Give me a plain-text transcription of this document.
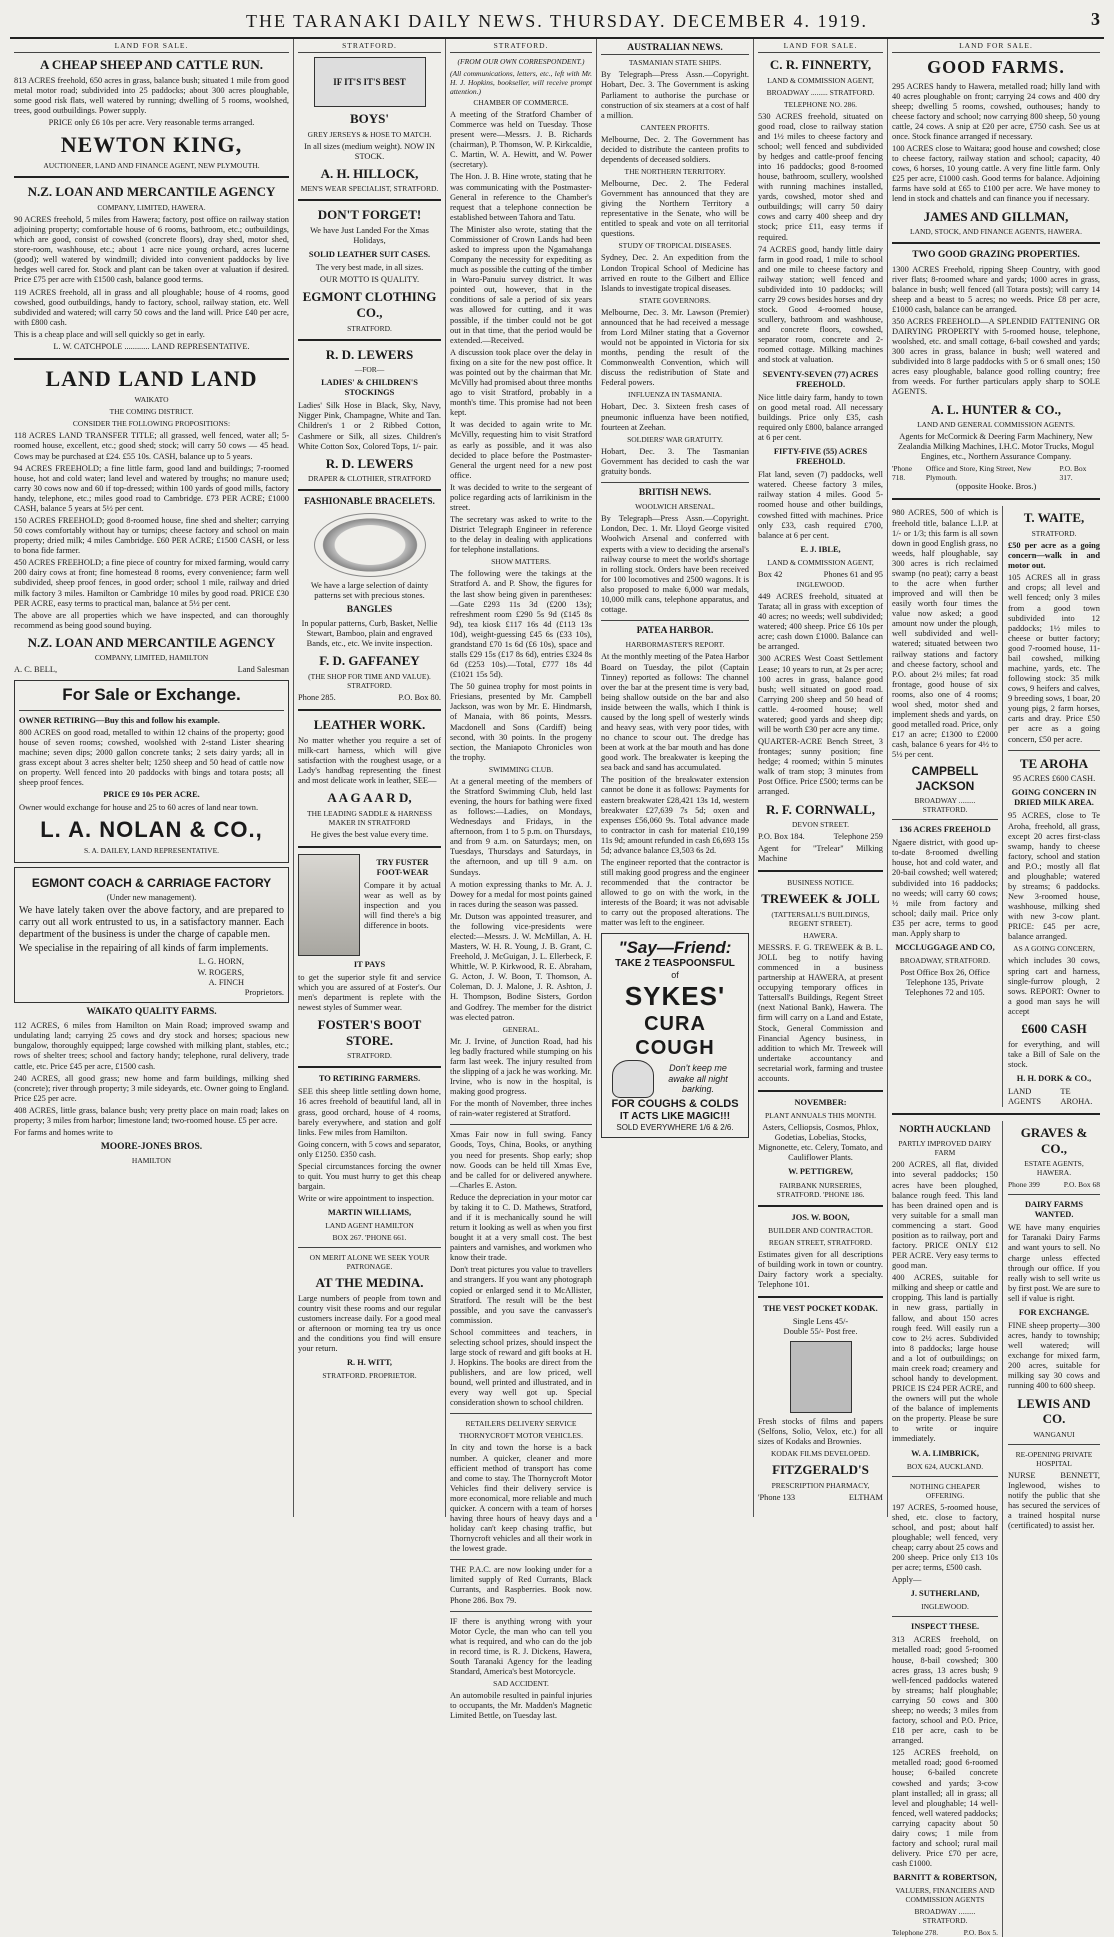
THE TARANAKI DAILY NEWS. THURSDAY. DECEMBER 4. 1919.	3
LAND FOR SALE.
A CHEAP SHEEP AND CATTLE RUN.

813 ACRES freehold, 650 acres in grass, balance bush; situated 1 mile from good metal motor road; subdivided into 25 paddocks; about 300 acres ploughable, some good risk flats, well watered by running; dwelling of 5 rooms, woolshed, trees, good outbuildings. Power supply.

PRICE only £6 10s per acre. Very reasonable terms arranged.

NEWTON KING,
AUCTIONEER, LAND AND FINANCE AGENT, NEW PLYMOUTH.
N.Z. LOAN AND MERCANTILE AGENCY
COMPANY, LIMITED, HAWERA.

90 ACRES freehold, 5 miles from Hawera; factory, post office on railway station adjoining property; comfortable house of 6 rooms, bathroom, etc.; outbuildings, which are good, consist of cowshed (concrete floors), dray shed, motor shed, store-room, washhouse, etc.; about 1 acre nice young orchard, acres lucerne (good); well watered by windmill; divided into convenient paddocks by live hedges well cared for. Stock and plant can be taken over at valuation if desired. Price £75 per acre with £1500 cash, balance good terms.

119 ACRES freehold, all in grass and all ploughable; house of 4 rooms, good cowshed, good outbuildings, handy to factory, school, railway station, etc. Well subdivided and watered; will carry 50 cows and the land will. Price £40 per acre, with £800 cash.

This is a cheap place and will sell quickly so get in early.

L. W. CATCHPOLE ............ LAND REPRESENTATIVE.

LAND LAND LAND
WAIKATO
THE COMING DISTRICT.
CONSIDER THE FOLLOWING PROPOSITIONS:

118 ACRES LAND TRANSFER TITLE; all grassed, well fenced, water all; 5-roomed house, excellent, etc.; good shed; stock; will carry 50 cows — 45 head. Cows may be purchased at £24. £55 10s. CASH, balance up to 5 years.

94 ACRES FREEHOLD; a fine little farm, good land and buildings; 7-roomed house, hot and cold water; land level and watered by troughs; no manure used; carry 30 cows now and 60 if top-dressed; within 100 yards of good mills, factory handy, telephone, etc.; miles good road to Cambridge. £73 PER ACRE; £1000 CASH, balance 5 years at 5½ per cent.

150 ACRES FREEHOLD; good 8-roomed house, fine shed and shelter; carrying 50 cows comfortably without hay or turnips; cheese factory and school on main property; dried milk; 4 miles Cambridge. £60 PER ACRE; £1500 CASH, or less to bona fide farmer.

450 ACRES FREEHOLD; a fine piece of country for mixed farming, would carry 200 dairy cows at front; fine homestead 8 rooms, every convenience; farm well subdivided, sheep proof fences, in good order; school 1 mile, railway and dried milk factory 3 miles. Hamilton or Cambridge 10 miles by good road. PRICE £30 PER ACRE, easy terms to practical man, balance at 5½ per cent.

The above are all properties which we have inspected, and can thoroughly recommend as being good sound buying.

N.Z. LOAN AND MERCANTILE AGENCY
COMPANY, LIMITED, HAMILTON
A. C. BELL,	Land Salesman
For Sale or Exchange.

OWNER RETIRING—Buy this and follow his example.

800 ACRES on good road, metalled to within 12 chains of the property; good house of seven rooms; cowshed, woolshed with 2-stand Lister shearing machine; seven dips; 2000 gallon concrete tanks; 2 sets dairy yards; all in grass except about 3 acres shelter belt; 1250 sheep and 50 head of cattle now on property. Well fenced into 20 paddocks with bings and totara posts; all sheep proof fences.

PRICE £9 10s PER ACRE.

Owner would exchange for house and 25 to 60 acres of land near town.

L. A. NOLAN & CO.,
S. A. DAILEY, LAND REPRESENTATIVE.
EGMONT COACH & CARRIAGE FACTORY
(Under new management).

We have lately taken over the above factory, and are prepared to carry out all work entrusted to us, in a satisfactory manner. Each department of the business is under the charge of capable men.

We specialise in the repairing of all kinds of farm implements.

L. G. HORN,
W. ROGERS,
A. FINCH
Proprietors.
WAIKATO QUALITY FARMS.

112 ACRES, 6 miles from Hamilton on Main Road; improved swamp and undulating land; carrying 25 cows and dry stock and horses; spacious new bungalow, thoroughly equipped; large cowshed with milking plant, stables, etc.; rows of shelter trees; school and factory handy; telephone, rural delivery, trade cattle, etc. Price £45 per acre, £1500 cash.

240 ACRES, all good grass; new home and farm buildings, milking shed (concrete); river through property; 3 mile sideyards, etc. Owner going to England. Price £25 per acre.

408 ACRES, little grass, balance bush; very pretty place on main road; lakes on property; 3 miles from harbor; limestone land; two-roomed house. £5 per acre.

For farms and homes write to

MOORE-JONES BROS.
HAMILTON
STRATFORD.
IF IT'S IT'S BEST
BOYS'
GREY JERSEYS & HOSE TO MATCH.

In all sizes (medium weight). NOW IN STOCK.

A. H. HILLOCK,
MEN'S WEAR SPECIALIST, STRATFORD.
DON'T FORGET!

We have Just Landed For the Xmas Holidays,

SOLID LEATHER SUIT CASES.

The very best made, in all sizes.

OUR MOTTO IS QUALITY.

EGMONT CLOTHING CO.,
STRATFORD.
R. D. LEWERS
—FOR—
LADIES' & CHILDREN'S STOCKINGS

Ladies' Silk Hose in Black, Sky, Navy, Nigger Pink, Champagne, White and Tan. Children's 1 or 2 Ribbed Cotton, Cashmere or Silk, all sizes. Children's White Cotton Sox, Colored Tops, 1/- pair.

R. D. LEWERS
DRAPER & CLOTHIER, STRATFORD
FASHIONABLE BRACELETS.

We have a large selection of dainty patterns set with precious stones.

BANGLES

In popular patterns, Curb, Basket, Nellie Stewart, Bamboo, plain and engraved Bands, etc., etc. We invite inspection.

F. D. GAFFANEY
(THE SHOP FOR TIME AND VALUE). STRATFORD.
Phone 285.	P.O. Box 80.
LEATHER WORK.

No matter whether you require a set of milk-cart harness, which will give satisfaction with the roughest usage, or a Lady's handbag representing the finest and most delicate work in leather, SEE—

A A G A A R D,
THE LEADING SADDLE & HARNESS MAKER IN STRATFORD

He gives the best value every time.

TRY FUSTER FOOT-WEAR

Compare it by actual wear as well as by inspection and you will find there's a big difference in boots.

IT PAYS

to get the superior style fit and service which you are assured of at Foster's. Our men's department is replete with the newest styles of Summer wear.

FOSTER'S BOOT STORE.
STRATFORD.
TO RETIRING FARMERS.

SEE this sheep little settling down home, 16 acres freehold of beautiful land, all in grass, good orchard, house of 4 rooms, barely everywhere, and station and golf links. Few miles from Hamilton.

Going concern, with 5 cows and separator, only £1250. £350 cash.

Special circumstances forcing the owner to quit. You must hurry to get this cheap bargain.

Write or wire appointment to inspection.

MARTIN WILLIAMS,
LAND AGENT HAMILTON
BOX 267. 'PHONE 661.
ON MERIT ALONE WE SEEK YOUR PATRONAGE.
AT THE MEDINA.

Large numbers of people from town and country visit these rooms and our regular customers increase daily. For a good meal or afternoon or morning tea try us once and the conditions you find will ensure your return.

R. H. WITT,
STRATFORD. PROPRIETOR.
STRATFORD.
(FROM OUR OWN CORRESPONDENT.)

(All communications, letters, etc., left with Mr. H. J. Hopkins, bookseller, will receive prompt attention.)

CHAMBER OF COMMERCE.

A meeting of the Stratford Chamber of Commerce was held on Tuesday. Those present were—Messrs. J. B. Richards (chairman), P. Thomson, W. P. Kirkcaldie, C. Martin, W. A. Hewitt, and W. Power (secretary).

The Hon. J. B. Hine wrote, stating that he was communicating with the Postmaster-General in reference to the Chamber's request that a telephone connection be established between Tahora and Tatu.

The Minister also wrote, stating that the Commissioner of Crown Lands had been asked to impress upon the Ngamahanga Company the necessity for expediting as much as possible the cutting of the timber in Waro-Panuiu survey district. It was pointed out, however, that in the conditions of sale a period of six years was allowed for cutting, and it was possible, if the timber could not be got out in that time, that the period would be extended.—Received.

A discussion took place over the delay in fixing on a site for the new post office. It was pointed out by the chairman that Mr. McVilly had promised about three months ago to visit Stratford, probably in a month's time. This promise had not been kept.

It was decided to again write to Mr. McVilly, requesting him to visit Stratford as early as possible, and it was also decided to place before the Postmaster-General the urgent need for a new post office.

It was decided to write to the sergeant of police regarding acts of larrikinism in the street.

The secretary was asked to write to the District Telegraph Engineer in reference to the delay in dealing with applications for telephone installations.

SHOW MATTERS.

The following were the takings at the Stratford A. and P. Show, the figures for the last show being given in parentheses:—Gate £293 11s 3d (£200 13s); refreshment room £290 5s 9d (£145 8s 9d), tea kiosk £117 16s 4d (£113 13s 10d), weight-guessing £45 6s (£33 10s), grandstand £70 1s 6d (£6 10s), space and stalls £29 15s (£17 8s 6d), entries £324 8s 6d (£253 10s).—Total, £777 18s 4d (£1021 15s 5d).

The 50 guinea trophy for most points in Friesians, presented by Mr. Campbell Jackson, was won by Mr. E. Hindmarsh, of Manaia, with 86 points, Messrs. Macdonell and Sons (Cardiff) being second, with 30 points. In the progeny section, the Maniapoto Chronicles won the trophy.

SWIMMING CLUB.

At a general meeting of the members of the Stratford Swimming Club, held last evening, the hours for bathing were fixed as follows:—Ladies, on Mondays, Wednesdays and Fridays, in the afternoon, from 1 to 5 p.m. on Thursdays, and from 9 a.m. on Saturdays; men, on Tuesdays, Thursdays and Saturdays, in the afternoon, and up till 9 a.m. on Sundays.

A motion expressing thanks to Mr. A. J. Dowey for a medal for most points gained in races during the season was passed.

Mr. Dutson was appointed treasurer, and the following vice-presidents were elected:—Messrs. J. W. McMillan, A. H. Masters, W. H. R. Young, J. B. Grant, C. Freehold, J. McGuigan, J. L. Ellerbeck, F. Whittle, W. P. Kirkwood, R. E. Abraham, G. Acton, J. W. Boon, T. Thomson, A. Coleman, D. J. Malone, J. R. Ashton, J. H. Thompson, Bodine Sisters, Gordon and Godfrey. The member for the district was elected patron.

GENERAL.

Mr. J. Irvine, of Junction Road, had his leg badly fractured while stumping on his farm last week. The injury resulted from the slipping of a jack he was working. Mr. Irvine, who is now in the hospital, is making good progress.

For the month of November, three inches of rain-water registered at Stratford.

Xmas Fair now in full swing. Fancy Goods, Toys, China, Books, or anything you need for presents. Shop early; shop now. Goods can be held till Xmas Eve, and be called for or delivered anywhere.—Charles E. Aston.

Reduce the depreciation in your motor car by taking it to C. D. Mathews, Stratford, and if it is mechanically sound he will return it looking as well as when you first bought it at a very small cost. The best painters and varnishes, and workmen who know their trade.

Don't treat pictures you value to travellers and strangers. If you want any photograph copied or enlarged send it to McAllister, Stratford. The result will be the best possible, and you save the canvasser's commission.

School committees and teachers, in selecting school prizes, should inspect the large stock of reward and gift books at H. J. Hopkins. The books are direct from the publishers, and are low priced, well bound, well printed and illustrated, and in every way well got up. Special consideration shown to school children.

RETAILERS DELIVERY SERVICE
THORNYCROFT MOTOR VEHICLES.

In city and town the horse is a back number. A quicker, cleaner and more efficient method of transport has come and come to stay. The Thornycroft Motor Vehicles find their delivery service is more economical, more reliable and much quicker. A concern with a team of horses having three hours of heavy days and a holiday can't keep chasing traffic, but Thornycroft vehicles and all their work in the lowest grade.

THE P.A.C. are now looking under for a limited supply of Red Currants, Black Currants, and Raspberries. Book now. Phone 286. Box 79.

IF there is anything wrong with your Motor Cycle, the man who can tell you what is required, and who can do the job in record time, is R. J. Dickens, Hawera, South Taranaki Agency for the leading Standard, America's best Motorcycle.

SAD ACCIDENT.

An automobile resulted in painful injuries to occupants, the Mr. Madden's Magnetic Limited Bettle, on Tuesday last.

AUSTRALIAN NEWS.
TASMANIAN STATE SHIPS.

By Telegraph—Press Assn.—Copyright. Hobart, Dec. 3. The Government is asking Parliament to authorise the purchase or construction of six steamers at a cost of half a million.

CANTEEN PROFITS.

Melbourne, Dec. 2. The Government has decided to distribute the canteen profits to dependents of deceased soldiers.

THE NORTHERN TERRITORY.

Melbourne, Dec. 2. The Federal Government has announced that they are giving the Northern Territory a representative in the Senate, who will be entitled to speak and vote on all territorial questions.

STUDY OF TROPICAL DISEASES.

Sydney, Dec. 2. An expedition from the London Tropical School of Medicine has arrived en route to the Gilbert and Ellice Islands to investigate tropical diseases.

STATE GOVERNORS.

Melbourne, Dec. 3. Mr. Lawson (Premier) announced that he had received a message from Lord Milner stating that a Governor would not be appointed in Victoria for six months, pending the result of the Commonwealth Convention, which will discuss the redistribution of State and Federal powers.

INFLUENZA IN TASMANIA.

Hobart, Dec. 3. Sixteen fresh cases of pneumonic influenza have been notified, fourteen at Zeehan.

SOLDIERS' WAR GRATUITY.

Hobart, Dec. 3. The Tasmanian Government has decided to cash the war gratuity bonds.

BRITISH NEWS.
WOOLWICH ARSENAL.

By Telegraph—Press Assn.—Copyright. London, Dec. 1. Mr. Lloyd George visited Woolwich Arsenal and conferred with experts with a view to deciding the arsenal's railway course to meet the world's shortage in rolling stock. Orders have been received for 100 locomotives and 2500 wagons. It is also proposed to make 6,000 war medals, 10,000 milk cans, telephone apparatus, and cottage.

PATEA HARBOR.
HARBORMASTER'S REPORT.

At the monthly meeting of the Patea Harbor Board on Tuesday, the pilot (Captain Tinney) reported as follows: The channel over the bar at the present time is very bad, being shallow outside on the bar and also inside between the walls, which I think is caused by the long spell of westerly winds and heavy seas, with very poor tides, with no chance to scour out. The dredge has been at work at the bar mouth and has done good work. The breakwater is keeping the sea back and sand has accumulated.

The position of the breakwater extension cannot be done it as follows: Payments for eastern breakwater £28,421 13s 1d, western breakwater £27,639 7s 5d; oxen and expenses £56,060 9s. Total advance made to contractor in cash for material £10,199 11s 9d; amount refunded in cash £6,693 15s 5d; advance balance £3,503 6s 2d.

The engineer reported that the contractor is still making good progress and the engineer recommended that the contractor be allowed to go on with the work, in the interests of the Board; it was not advisable to carry out the proposed alterations. The matter was left to the engineer.

"Say—Friend:
TAKE 2 TEASPOONSFUL
of
SYKES'
CURA COUGH
Don't keep me awake all night barking.
FOR COUGHS & COLDS
IT ACTS LIKE MAGIC!!!
SOLD EVERYWHERE 1/6 & 2/6.
LAND FOR SALE.
C. R. FINNERTY,
LAND & COMMISSION AGENT,
BROADWAY ......... STRATFORD.
TELEPHONE NO. 286.

530 ACRES freehold, situated on good road, close to railway station and 1½ miles to cheese factory and school; well fenced and subdivided by hedges and cattle-proof fencing into 16 paddocks; good 8-roomed house, bathroom, scullery, woolshed with running machines installed, yards, cowshed, motor shed and outbuildings; will carry 50 dairy cows and carry 400 sheep and dry stock; price £11, easy terms if required.

74 ACRES good, handy little dairy farm in good road, 1 mile to school and one mile to cheese factory and railway station; well fenced and subdivided into 10 paddocks; will carry 29 cows besides horses and dry stock. Good 4-roomed house, scullery, bathroom and washhouse, and concrete floors, cowshed, separator room, concrete and 2-roomed cottage. Milking machines and stock at valuation.

SEVENTY-SEVEN (77) ACRES FREEHOLD.

Nice little dairy farm, handy to town on good metal road. All necessary buildings. Price only £35, cash required only £800, balance arranged at 6 per cent.

FIFTY-FIVE (55) ACRES FREEHOLD.

Flat land, seven (7) paddocks, well watered. Cheese factory 3 miles, railway station 4 miles. Good 5-roomed house and other buildings, cowshed fitted with machines. Price only £33, cash required £700, balance at 6 per cent.

E. J. IBLE,
LAND & COMMISSION AGENT,
Box 42	Phones 61 and 95
INGLEWOOD.

449 ACRES freehold, situated at Tarata; all in grass with exception of 40 acres; no weeds; well subdivided; watered; 400 sheep. Price £6 10s per acre; cash down £1000. Balance can be arranged.

300 ACRES West Coast Settlement Lease; 10 years to run, at 2s per acre; 100 acres in grass, balance good bush; well situated on good road. Carrying 200 sheep and 50 head of cattle. 4-roomed house; well watered; good yards and sheep dip; will be worth £30 per acre any time.

QUARTER-ACRE Bench Street, 3 frontages; sunny position; fine hedge; 4 roomed; within 5 minutes walk of tram stop; 3 minutes from Post Office. Price £500; terms can be arranged.

R. F. CORNWALL,
DEVON STREET.
P.O. Box 184.	Telephone 259

Agent for "Trelear" Milking Machine

BUSINESS NOTICE.
TREWEEK & JOLL
(TATTERSALL'S BUILDINGS, REGENT STREET).
HAWERA.

MESSRS. F. G. TREWEEK & B. L. JOLL beg to notify having commenced in a business partnership at HAWERA, at present occupying temporary offices in Tattersall's Buildings, Regent Street (next National Bank), Hawera. The firm will carry on a Land and Estate, Stock, General Commission and Financial Agency business, in addition to which Mr. Treweek will undertake accountancy and secretarial work, farming and trustee accounts.

NOVEMBER:
PLANT ANNUALS THIS MONTH.

Asters, Celliopsis, Cosmos, Phlox, Godetias, Lobelias, Stocks, Mignonette, etc. Celery, Tomato, and Cauliflower Plants.

W. PETTIGREW,
FAIRBANK NURSERIES, STRATFORD. 'PHONE 186.
JOS. W. BOON,
BUILDER AND CONTRACTOR.
REGAN STREET, STRATFORD.

Estimates given for all descriptions of building work in town or country. Dairy factory work a specialty. Telephone 101.

THE VEST POCKET KODAK.
Single Lens 45/-
Double 55/- Post free.

Fresh stocks of films and papers (Selfons, Solio, Velox, etc.) for all sizes of Kodaks and Brownies.

KODAK FILMS DEVELOPED.
FITZGERALD'S
PRESCRIPTION PHARMACY,
'Phone 133	ELTHAM
LAND FOR SALE.
GOOD FARMS.

295 ACRES handy to Hawera, metalled road; hilly land with 40 acres ploughable on front; carrying 24 cows and 400 dry sheep; dwelling 5 rooms, cowshed, outhouses; handy to cheese factory and school; now carrying 800 sheep, 50 young cattle, 24 cows. A snip at £20 per acre, £750 cash. See us at once. Stock finance arranged if necessary.

100 ACRES close to Waitara; good house and cowshed; close to cheese factory, railway station and school; capacity, 40 cows, 6 horses, 10 young cattle. A very fine little farm. Only £25 per acre, £1000 cash. Good terms for balance. Adjoining farms have sold at £65 to £100 per acre. We have money to lend in stock and chattels and can finance you if necessary.

JAMES AND GILLMAN,
LAND, STOCK, AND FINANCE AGENTS, HAWERA.
TWO GOOD GRAZING PROPERTIES.

1300 ACRES Freehold, ripping Sheep Country, with good river flats; 8-roomed whare and yards; 1000 acres in grass, balance in bush; well fenced (all Totara posts); will carry 14 sheep and a beast to 5 acres; no weeds. Price £8 per acre, £1000 cash, balance can be arranged.

350 ACRES FREEHOLD—A SPLENDID FATTENING OR DAIRYING PROPERTY with 5-roomed house, telephone, woolshed, etc. and small cottage, 6-bail cowshed and yards; 300 acres in grass, balance in bush; well watered and subdivided into 8 large paddocks with 5 or 6 small ones; 150 acres easy ploughable, balance good rolling country; free from weeds. For further particulars apply sharp to SOLE AGENTS.

A. L. HUNTER & CO.,
LAND AND GENERAL COMMISSION AGENTS.

Agents for McCormick & Deering Farm Machinery, New Zealandia Milking Machines, I.H.C. Motor Trucks, Mogul Engines, etc., Northern Assurance Company.

'Phone 718.
Office and Store, King Street, New Plymouth.
P.O. Box 317.
(opposite Hooke. Bros.)

980 ACRES, 500 of which is freehold title, balance L.I.P. at 1/- or 1/3; this farm is all sown down in good English grass, no weeds, half ploughable, say 300 acres is rich reclaimed swamp (no peat); carry a beast to the acre when further improved and will then be easily worth four times the value now asked; a good amount now under the plough, well subdivided and well-watered; situated between two railway stations and factory and cheese factory, school and P.O. about 2½ miles; fat road frontage, good house of six rooms, also one of 4 rooms; wool shed, motor shed and implement sheds and yards, on good metalled road. Price, only £17 an acre; £1300 to £2000 cash, balance 6 years for 4½ to 5½ per cent.

CAMPBELL JACKSON
BROADWAY ......... STRATFORD.
136 ACRES FREEHOLD

Ngaere district, with good up-to-date 8-roomed dwelling house, hot and cold water, and 20-bail cowshed; well watered; subdivided into 16 paddocks; no weeds; will carry 60 cows; ½ mile from factory and school; daily mail. Price only £35 per acre, terms to good man. Apply sharp to

MCCLUGGAGE AND CO,
BROADWAY, STRATFORD.

Post Office Box 26, Office Telephone 135, Private Telephones 72 and 105.

T. WAITE,
STRATFORD.

£50 per acre as a going concern—walk in and motor out.

105 ACRES all in grass and crops; all level and well fenced; only 3 miles from a good town subdivided into 12 paddocks; 1½ miles to cheese or butter factory; good 7-roomed house, 11-bail cowshed, milking machine, yards, etc. The following stock: 35 milk cows, 9 heifers and calves, 9 breeding sows, 1 boar, 20 young pigs, 2 farm horses, carts and dray. Price £50 per acre as a going concern, £50 per acre.

TE AROHA
95 ACRES £600 CASH.
GOING CONCERN IN DRIED MILK AREA.

95 ACRES, close to Te Aroha, freehold, all grass, except 20 acres first-class swamp, handy to cheese factory, school and station and P.O.; mostly all flat and ploughable; watered by streams; 6 paddocks. New 3-roomed house, washhouse, milking shed with new 3-cow plant. PRICE: £45 per acre, balance arranged.

AS A GOING CONCERN,

which includes 30 cows, spring cart and harness, single-furrow plough, 2 sows. REPORT: Owner to a good man says he will accept

£600 CASH

for everything, and will take a Bill of Sale on the stock.

H. H. DORK & CO.,
LAND AGENTS
TE AROHA.
NORTH AUCKLAND
PARTLY IMPROVED DAIRY FARM

200 ACRES, all flat, divided into several paddocks; 150 acres have been ploughed, balance rough feed. This land has been drained open and is very suitable for a small man commencing a start. Good position as to railway, port and factory. PRICE ONLY £12 PER ACRE. Very easy terms to good man.

400 ACRES, suitable for milking and sheep or cattle and cropping. This land is partially in new grass, partially in fallow, and about 150 acres rough feed. Will easily run a cow to 2½ acres. Subdivided into 8 paddocks; large house and a lot of outbuildings; on main creek road; creamery and school handy to development. PRICE IS £24 PER ACRE, and the owners will put the whole of the balance of implements on the property. Please be sure to write or inquire immediately.

W. A. LIMBRICK,
BOX 624, AUCKLAND.
NOTHING CHEAPER OFFERING.

197 ACRES, 5-roomed house, shed, etc. close to factory, school, and post; about half ploughable; well fenced, very cheap; carry about 25 cows and 200 sheep. Price only £13 10s per acre; terms, £500 cash.

Apply—
J. SUTHERLAND,
INGLEWOOD.
INSPECT THESE.

313 ACRES freehold, on metalled road; good 5-roomed house, 8-bail cowshed; 300 acres grass, 13 acres bush; 9 well-fenced paddocks watered by streams; half ploughable; carrying 50 cows and 300 sheep; no weeds; 3 miles from factory, school and P.O. Price, £18 per acre, cash to be arranged.

125 ACRES freehold, on metalled road; good 6-roomed house; 6-bailed concrete cowshed and yards; 3-cow plant installed; all in grass; all level and ploughable; 14 well-fenced, well watered paddocks; carrying capacity about 50 dairy cows; 1 mile from factory and school; rural mail delivery. Price £70 per acre, cash £1000.

BARNITT & ROBERTSON,
VALUERS, FINANCIERS AND COMMISSION AGENTS
BROADWAY ......... STRATFORD.
Telephone 278.	P.O. Box 5.
GRAVES & CO.,
ESTATE AGENTS, HAWERA.
Phone 399	P.O. Box 68
DAIRY FARMS WANTED.

WE have many enquiries for Taranaki Dairy Farms and want yours to sell. No charge unless effected through our office. If you really wish to sell write us by first post. We are sure to sell if value is right.

FOR EXCHANGE.

FINE sheep property—300 acres, handy to township; well watered; will exchange for mixed farm, 200 acres, suitable for milking say 30 cows and running 400 to 600 sheep.

LEWIS AND CO.
WANGANUI
RE-OPENING PRIVATE HOSPITAL

NURSE BENNETT, Inglewood, wishes to notify the public that she has secured the services of a trained hospital nurse (certificated) to assist her.
